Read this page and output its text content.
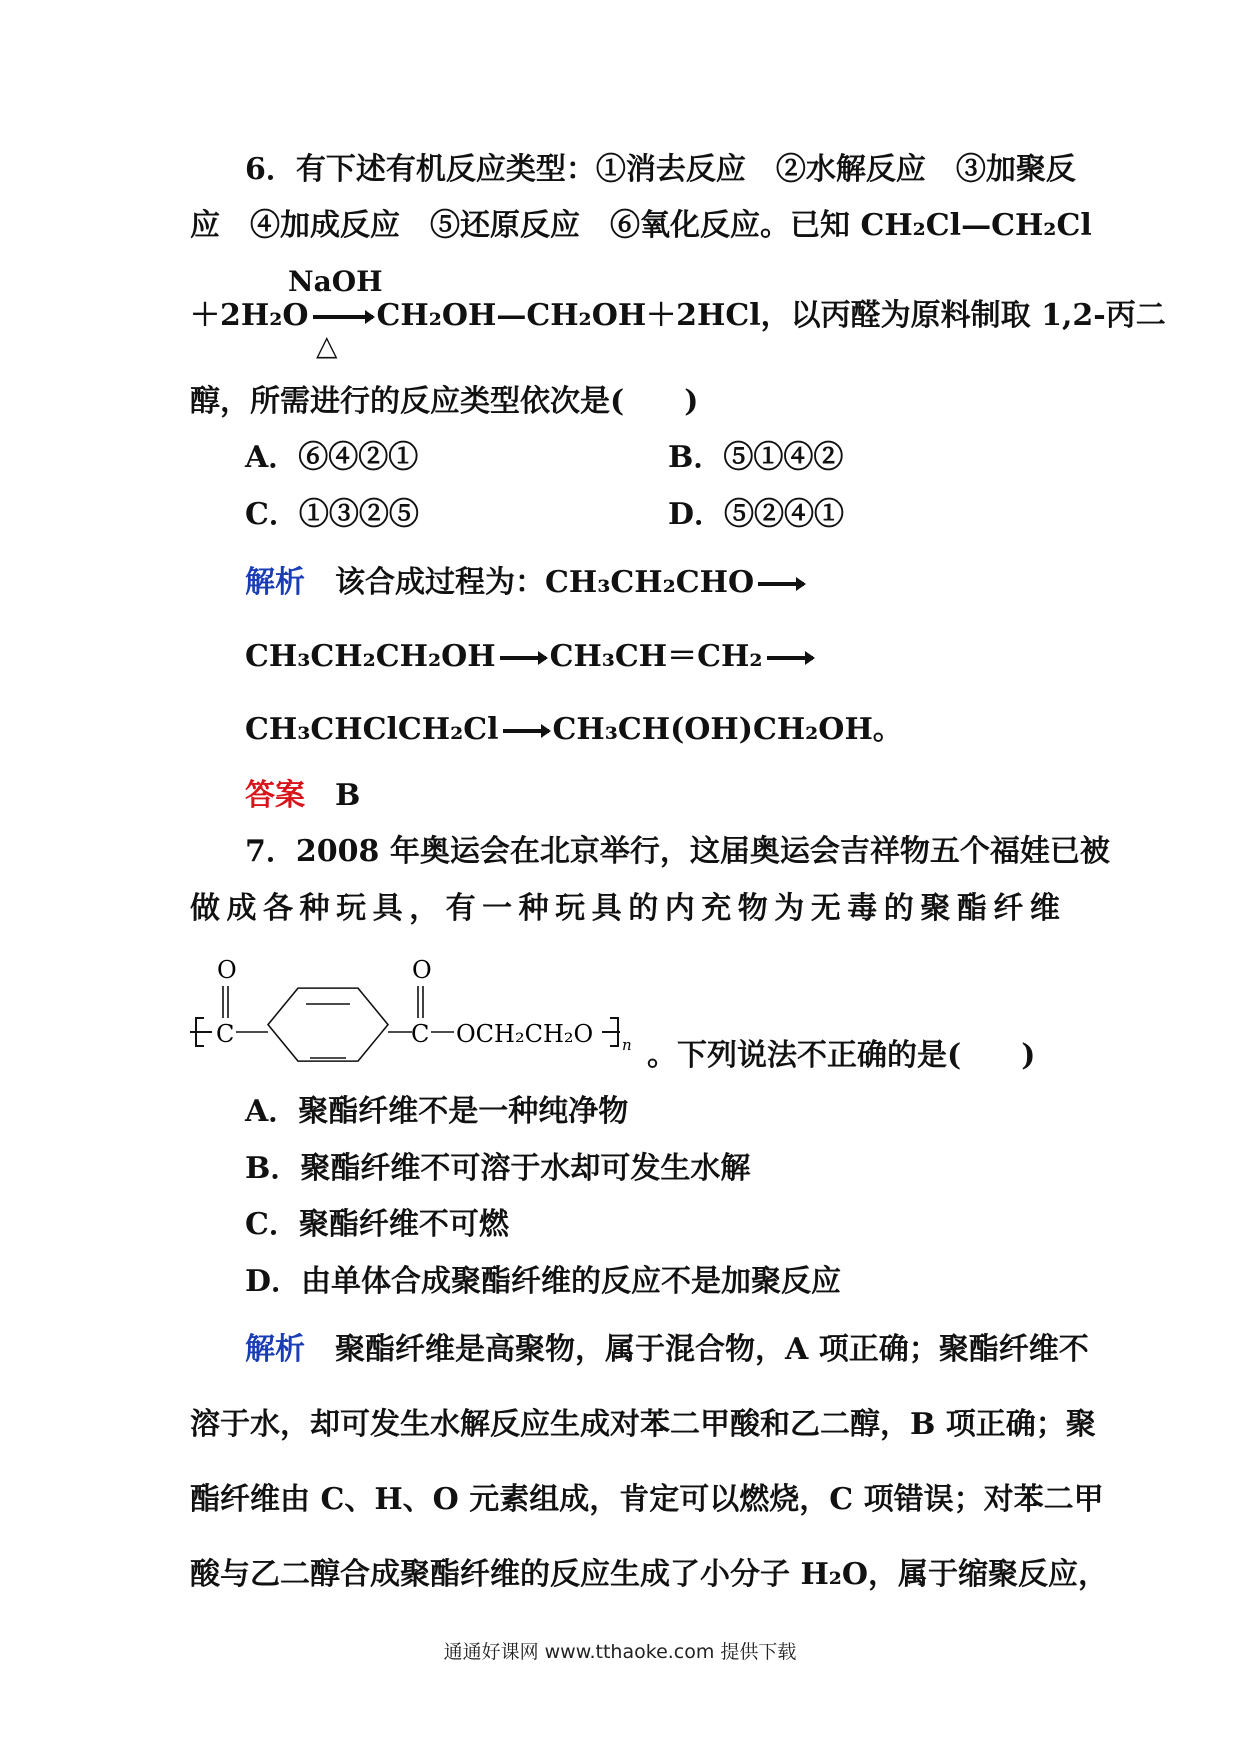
6．有下述有机反应类型：①消去反应　②水解反应　③加聚反
应　④加成反应　⑤还原反应　⑥氧化反应。已知 CH₂Cl—CH₂Cl
NaOH
＋2H₂O → CH₂OH—CH₂OH＋2HCl，以丙醛为原料制取 1,2-丙二
△
醇，所需进行的反应类型依次是(　　)
A．⑥④②①	B．⑤①④②
C．①③②⑤	D．⑤②④①
解析　 该合成过程为：CH₃CH₂CHO →
CH₃CH₂CH₂OH → CH₃CH＝CH₂ →
CH₃CHClCH₂Cl → CH₃CH(OH)CH₂OH。
答案　 B
7．2008 年奥运会在北京举行，这届奥运会吉祥物五个福娃已被
做 成 各 种 玩 具 ， 有 一 种 玩 具 的 内 充 物 为 无 毒 的 聚 酯 纤 维
O
C
O
C OCH₂CH₂O n 。下列说法不正确的是(　　)
A．聚酯纤维不是一种纯净物
B．聚酯纤维不可溶于水却可发生水解
C．聚酯纤维不可燃
D．由单体合成聚酯纤维的反应不是加聚反应
解析　 聚酯纤维是高聚物，属于混合物，A 项正确；聚酯纤维不
溶于水，却可发生水解反应生成对苯二甲酸和乙二醇，B 项正确；聚
酯纤维由 C、H、O 元素组成，肯定可以燃烧，C 项错误；对苯二甲
酸与乙二醇合成聚酯纤维的反应生成了小分子 H₂O，属于缩聚反应，
通通好课网 www.tthaoke.com 提供下载
